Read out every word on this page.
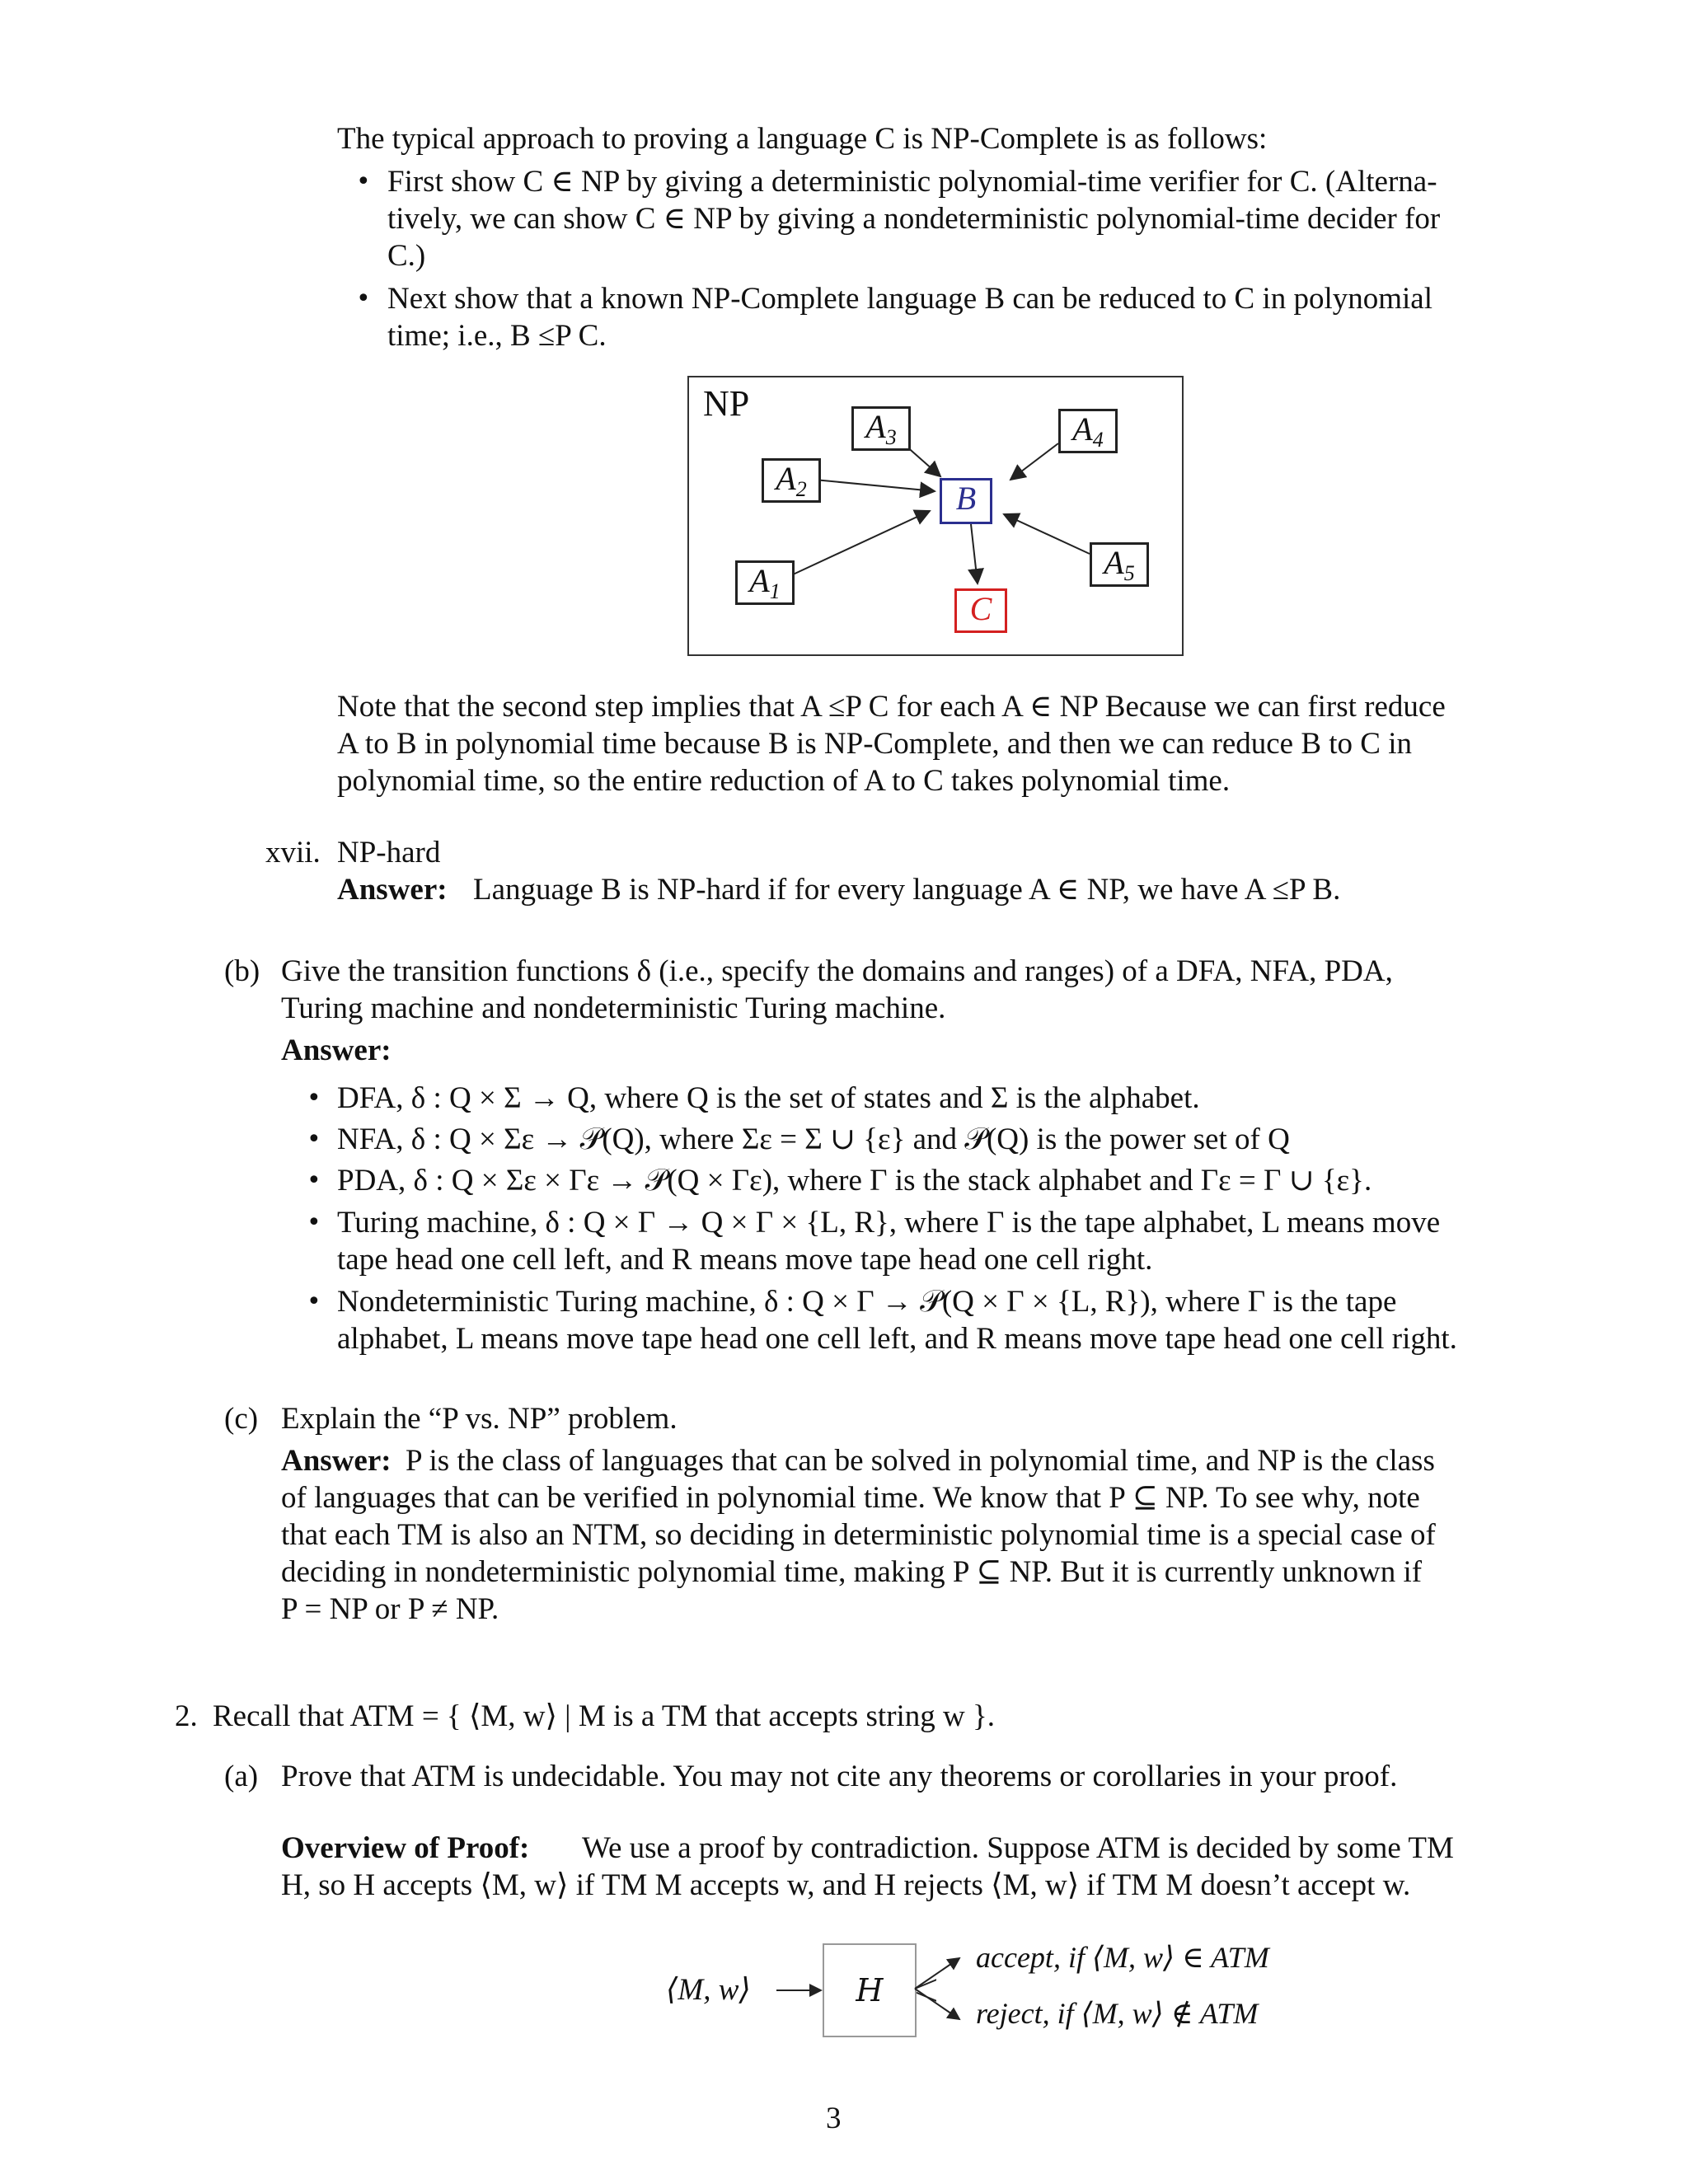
The typical approach to proving a language C is NP-Complete is as follows:
• First show C ∈ NP by giving a deterministic polynomial-time verifier for C. (Alterna-
tively, we can show C ∈ NP by giving a nondeterministic polynomial-time decider for
C.)
• Next show that a known NP-Complete language B can be reduced to C in polynomial
time; i.e., B ≤P C.
NP
$A_3$	$A_4$
$A_2$	B
$A_5$
$A_1$	C
Note that the second step implies that A ≤P C for each A ∈ NP Because we can first reduce
A to B in polynomial time because B is NP-Complete, and then we can reduce B to C in
polynomial time, so the entire reduction of A to C takes polynomial time.
xvii. NP-hard
Answer: Language B is NP-hard if for every language A ∈ NP, we have A ≤P B.
(b) Give the transition functions δ (i.e., specify the domains and ranges) of a DFA, NFA, PDA,
Turing machine and nondeterministic Turing machine.
Answer:
• DFA, δ : Q × Σ → Q, where Q is the set of states and Σ is the alphabet.
• NFA, δ : Q × Σε → 𝒫(Q), where Σε = Σ ∪ {ε} and 𝒫(Q) is the power set of Q
• PDA, δ : Q × Σε × Γε → 𝒫(Q × Γε), where Γ is the stack alphabet and Γε = Γ ∪ {ε}.
• Turing machine, δ : Q × Γ → Q × Γ × {L, R}, where Γ is the tape alphabet, L means move
tape head one cell left, and R means move tape head one cell right.
• Nondeterministic Turing machine, δ : Q × Γ → 𝒫(Q × Γ × {L, R}), where Γ is the tape
alphabet, L means move tape head one cell left, and R means move tape head one cell right.
(c) Explain the “P vs. NP” problem.
Answer: P is the class of languages that can be solved in polynomial time, and NP is the class
of languages that can be verified in polynomial time. We know that P ⊆ NP. To see why, note
that each TM is also an NTM, so deciding in deterministic polynomial time is a special case of
deciding in nondeterministic polynomial time, making P ⊆ NP. But it is currently unknown if
P = NP or P ≠ NP.
2. Recall that ATM = { ⟨M, w⟩ | M is a TM that accepts string w }.
(a) Prove that ATM is undecidable. You may not cite any theorems or corollaries in your proof.
Overview of Proof: We use a proof by contradiction. Suppose ATM is decided by some TM
H, so H accepts ⟨M, w⟩ if TM M accepts w, and H rejects ⟨M, w⟩ if TM M doesn’t accept w.
⟨M, w⟩	H
accept, if ⟨M, w⟩ ∈ ATM
reject, if ⟨M, w⟩ ∉ ATM
3
